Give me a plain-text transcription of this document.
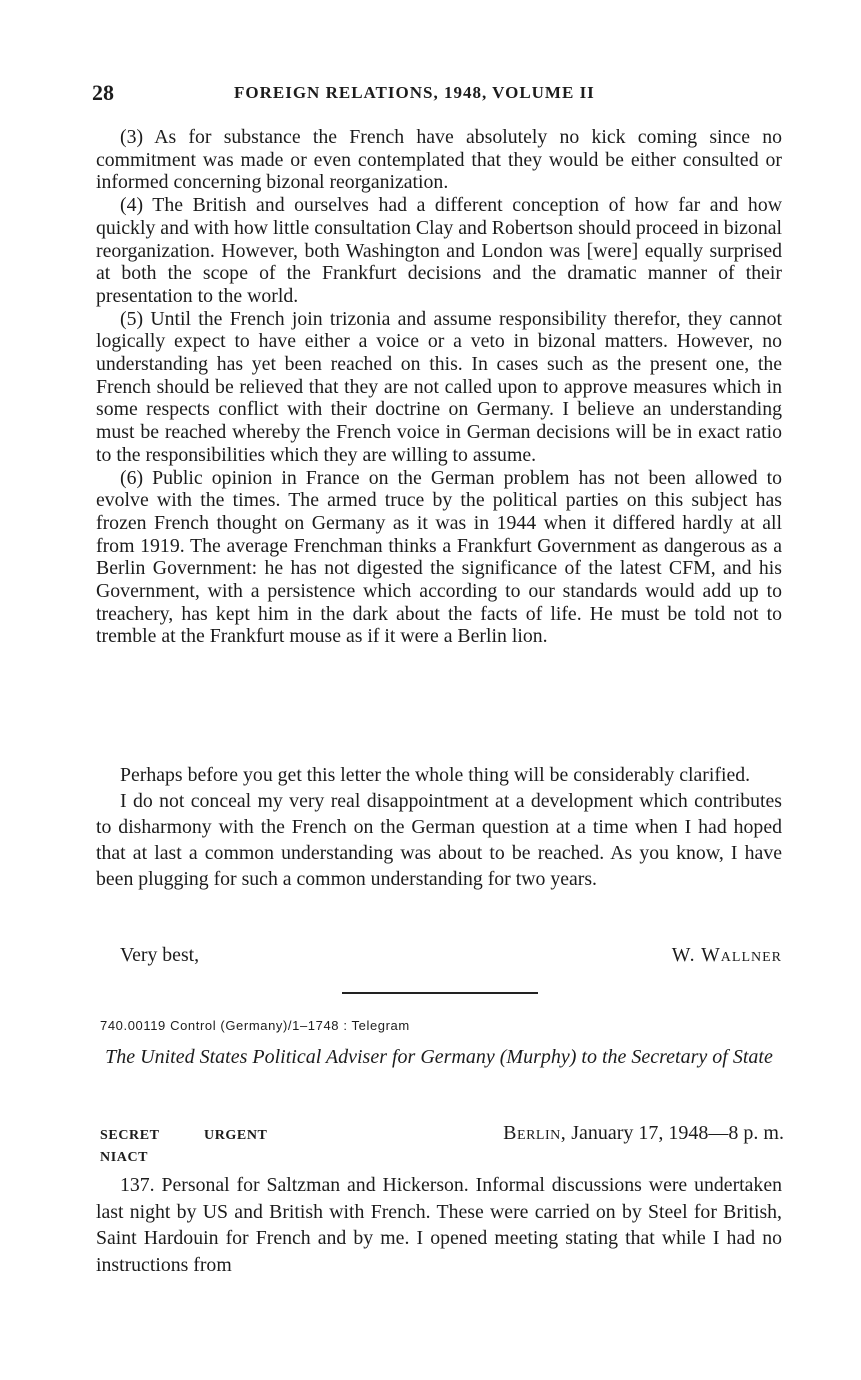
28	FOREIGN RELATIONS, 1948, VOLUME II

(3) As for substance the French have absolutely no kick coming since no commitment was made or even contemplated that they would be either consulted or informed concerning bizonal reorganization.

(4) The British and ourselves had a different conception of how far and how quickly and with how little consultation Clay and Robertson should proceed in bizonal reorganization. However, both Washington and London was [were] equally surprised at both the scope of the Frankfurt decisions and the dramatic manner of their presentation to the world.

(5) Until the French join trizonia and assume responsibility therefor, they cannot logically expect to have either a voice or a veto in bizonal matters. However, no understanding has yet been reached on this. In cases such as the present one, the French should be relieved that they are not called upon to approve measures which in some respects conflict with their doctrine on Germany. I believe an understanding must be reached whereby the French voice in German decisions will be in exact ratio to the responsibilities which they are willing to assume.

(6) Public opinion in France on the German problem has not been allowed to evolve with the times. The armed truce by the political parties on this subject has frozen French thought on Germany as it was in 1944 when it differed hardly at all from 1919. The average Frenchman thinks a Frankfurt Government as dangerous as a Berlin Government: he has not digested the significance of the latest CFM, and his Government, with a persistence which according to our standards would add up to treachery, has kept him in the dark about the facts of life. He must be told not to tremble at the Frankfurt mouse as if it were a Berlin lion.

Perhaps before you get this letter the whole thing will be considerably clarified.

I do not conceal my very real disappointment at a development which contributes to disharmony with the French on the German question at a time when I had hoped that at last a common understanding was about to be reached. As you know, I have been plugging for such a common understanding for two years.

Very best,	W. Wallner
740.00119 Control (Germany)/1–1748 : Telegram
The United States Political Adviser for Germany (Murphy) to the Secretary of State
SECRET	URGENT
NIACT
Berlin, January 17, 1948—8 p. m.

137. Personal for Saltzman and Hickerson. Informal discussions were undertaken last night by US and British with French. These were carried on by Steel for British, Saint Hardouin for French and by me. I opened meeting stating that while I had no instructions from
